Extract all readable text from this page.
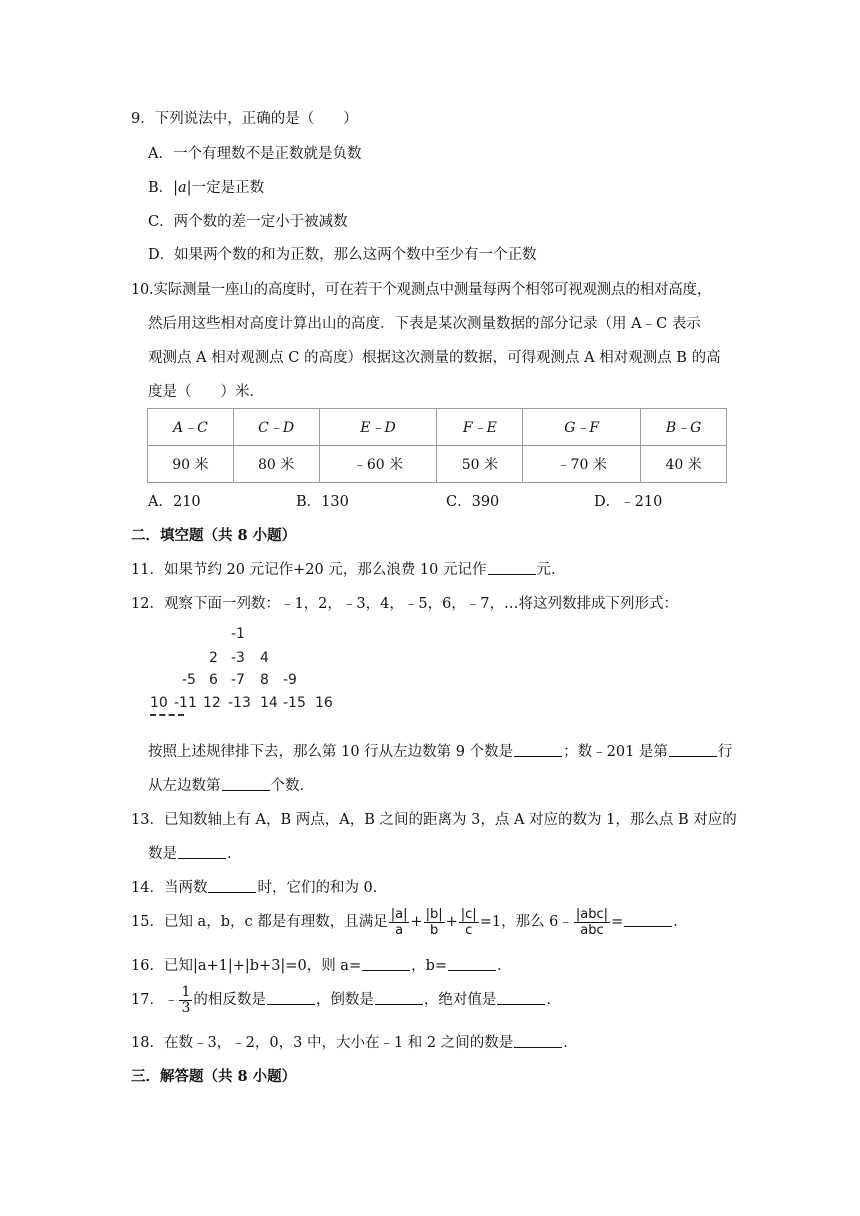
9．下列说法中，正确的是（　　）
A．一个有理数不是正数就是负数
B．|a|一定是正数
C．两个数的差一定小于被减数
D．如果两个数的和为正数，那么这两个数中至少有一个正数
10.实际测量一座山的高度时，可在若干个观测点中测量每两个相邻可视观测点的相对高度，
然后用这些相对高度计算出山的高度．下表是某次测量数据的部分记录（用 A﹣C 表示
观测点 A 相对观测点 C 的高度）根据这次测量的数据，可得观测点 A 相对观测点 B 的高
度是（　　）米．
A﹣C	C﹣D	E﹣D	F﹣E	G﹣F	B﹣G
90 米	80 米	﹣60 米	50 米	﹣70 米	40 米
A．210	B．130	C．390	D．﹣210
二．填空题（共 8 小题）
11．如果节约 20 元记作+20 元，那么浪费 10 元记作	元．
12．观察下面一列数：﹣1，2，﹣3，4，﹣5，6，﹣7，…将这列数排成下列形式：
-1
2 -3 4
-5 6 -7 8 -9
10 -11 12 -13 14 -15 16
按照上述规律排下去，那么第 10 行从左边数第 9 个数是	；数﹣201 是第	行
从左边数第	个数．
13．已知数轴上有 A，B 两点，A，B 之间的距离为 3，点 A 对应的数为 1，那么点 B 对应的
数是	．
14．当两数	时，它们的和为 0．
15．已知 a，b，c 都是有理数，且满足 $\frac{|a|}{a} + \frac{|b|}{b} + \frac{|c|}{c} =1$，那么 6﹣ $\frac{\text{|abc|}}{\text{abc}}$ =	．
16．已知|a+1|+|b+3|=0，则 a=	，b=	．
17．﹣ $\frac{1}{3}$ 的相反数是	，倒数是	，绝对值是	．
18．在数﹣3，﹣2，0，3 中，大小在﹣1 和 2 之间的数是	．
三．解答题（共 8 小题）
